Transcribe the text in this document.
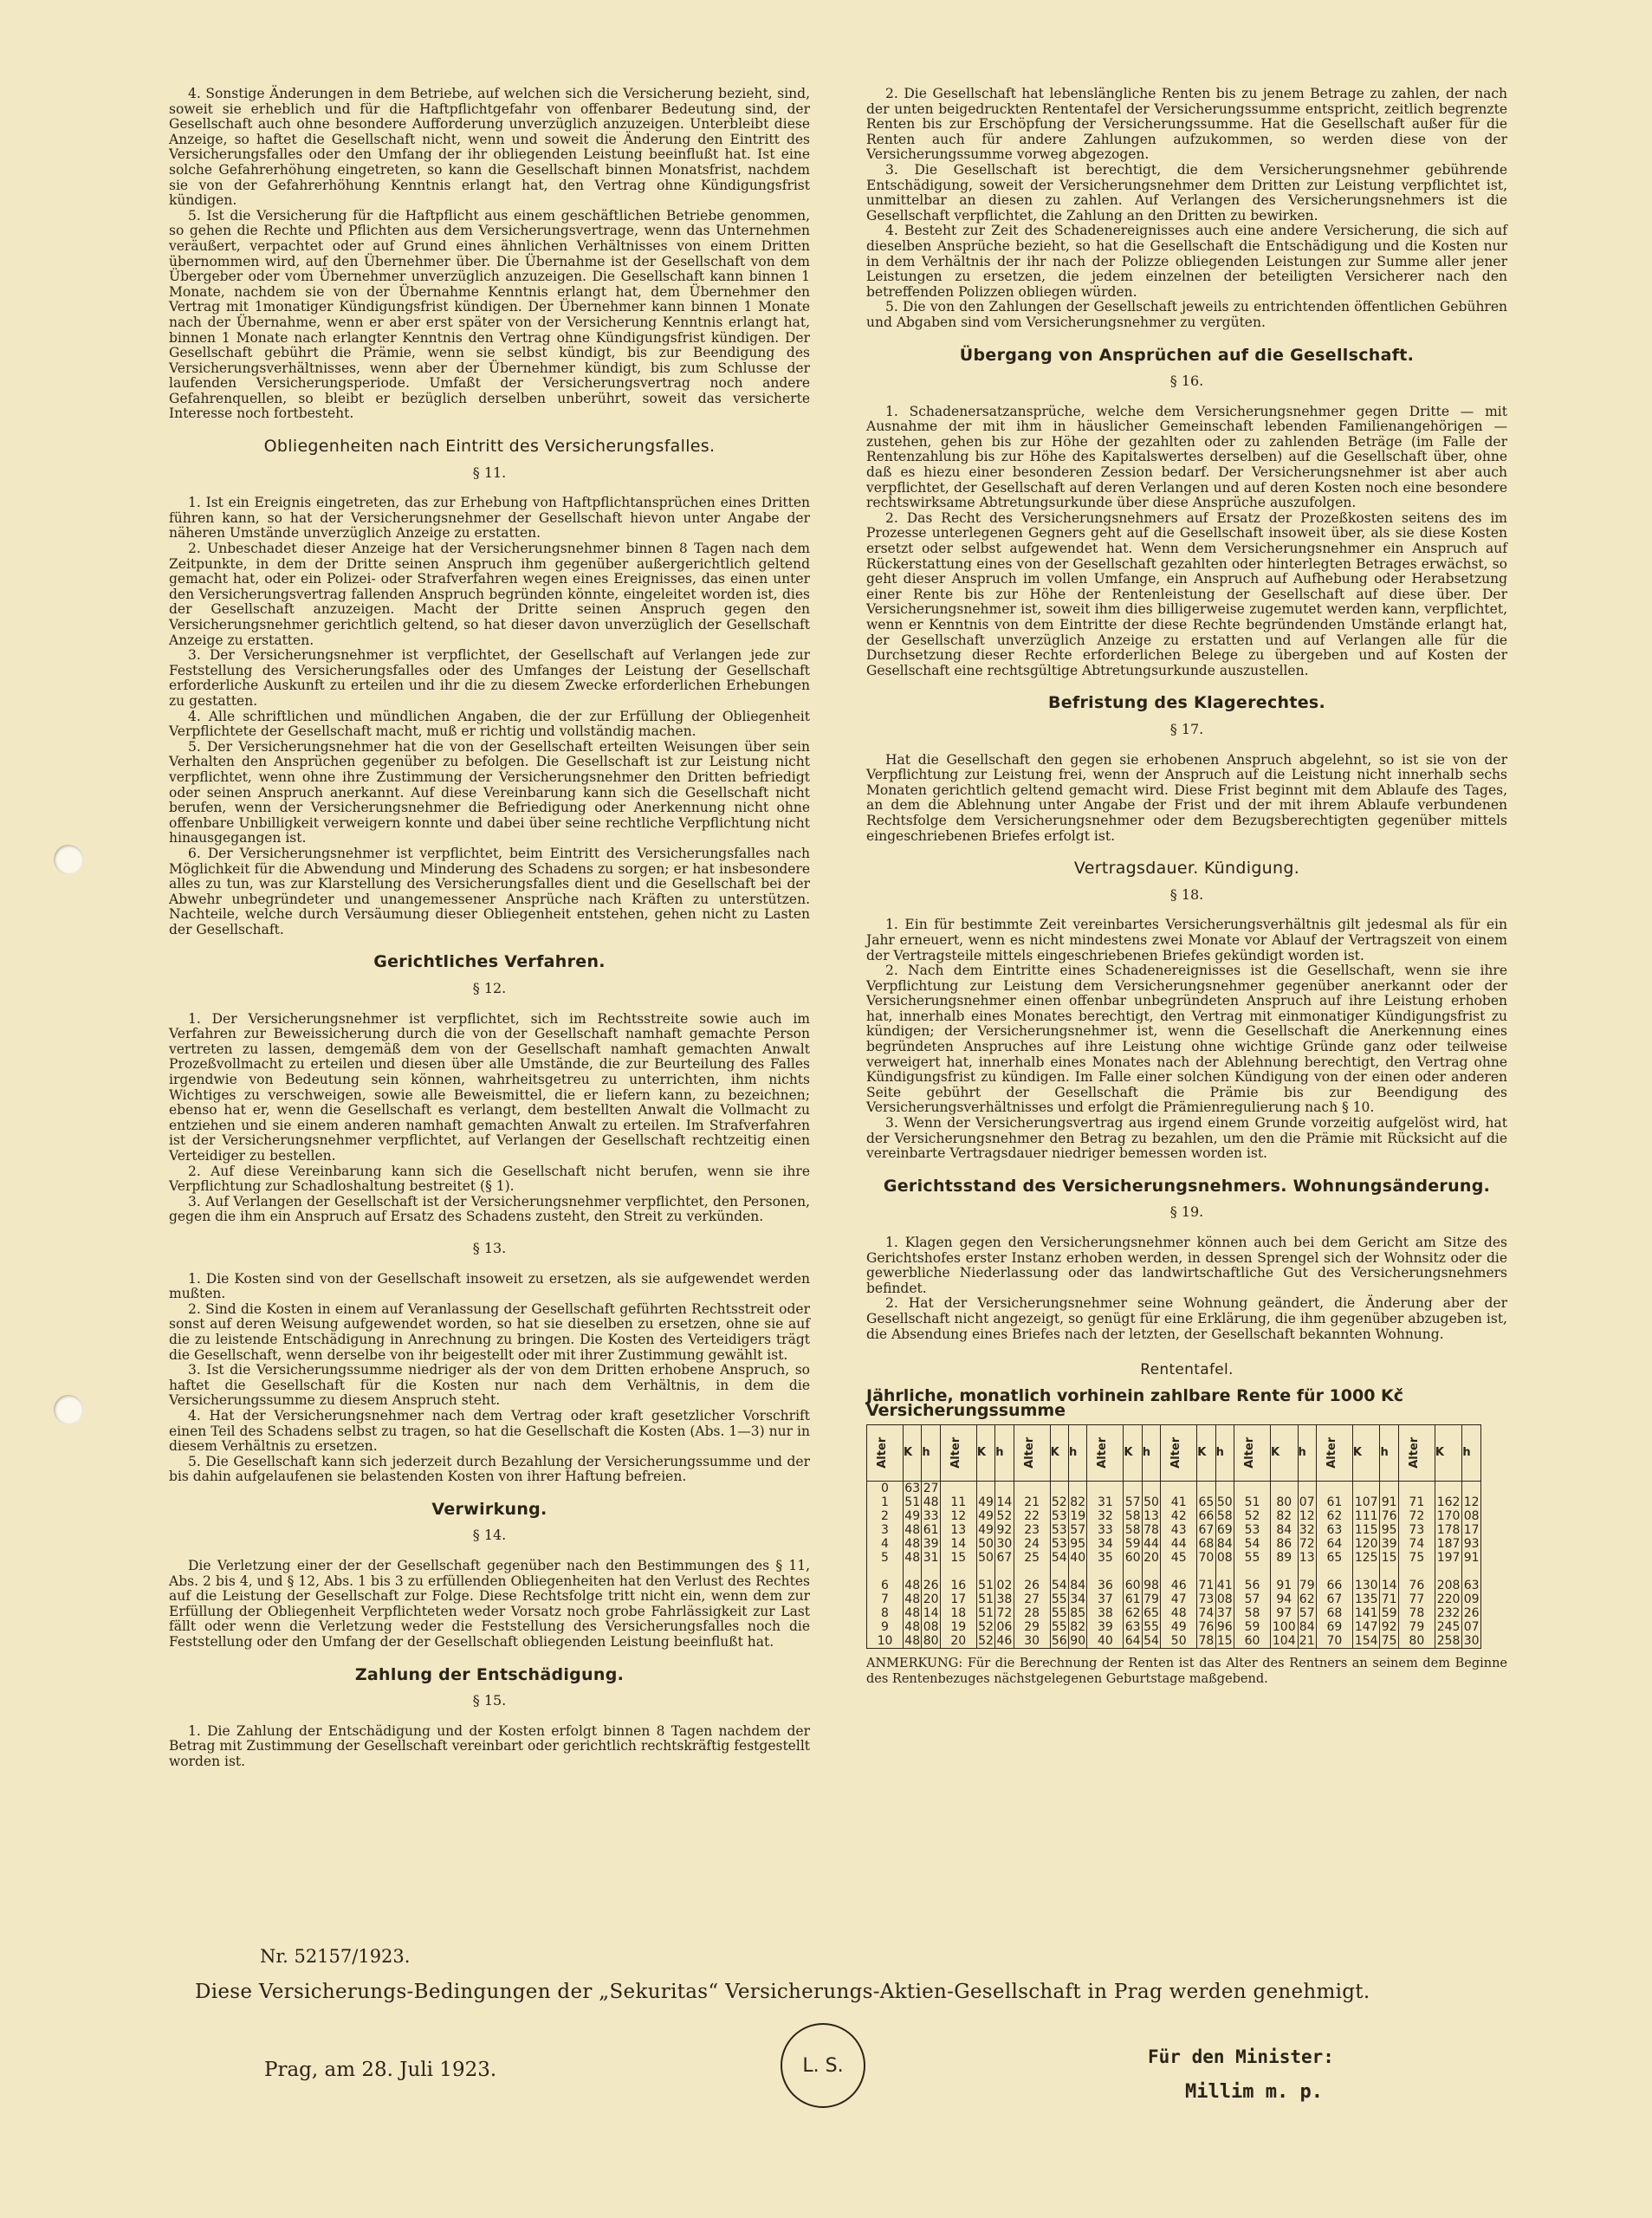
4. Sonstige Änderungen in dem Betriebe, auf welchen sich die Versicherung bezieht, sind, soweit sie erheblich und für die Haftpflichtgefahr von offenbarer Bedeutung sind, der Gesellschaft auch ohne besondere Aufforderung unverzüglich anzuzeigen. Unterbleibt diese Anzeige, so haftet die Gesellschaft nicht, wenn und soweit die Änderung den Eintritt des Versicherungsfalles oder den Umfang der ihr obliegenden Leistung beeinflußt hat. Ist eine solche Gefahrerhöhung eingetreten, so kann die Gesellschaft binnen Monatsfrist, nachdem sie von der Gefahrerhöhung Kenntnis erlangt hat, den Vertrag ohne Kündigungsfrist kündigen.

5. Ist die Versicherung für die Haftpflicht aus einem geschäftlichen Betriebe genommen, so gehen die Rechte und Pflichten aus dem Versicherungsvertrage, wenn das Unternehmen veräußert, verpachtet oder auf Grund eines ähnlichen Verhältnisses von einem Dritten übernommen wird, auf den Übernehmer über. Die Übernahme ist der Gesellschaft von dem Übergeber oder vom Übernehmer unverzüglich anzuzeigen. Die Gesellschaft kann binnen 1 Monate, nachdem sie von der Übernahme Kenntnis erlangt hat, dem Übernehmer den Vertrag mit 1monatiger Kündigungsfrist kündigen. Der Übernehmer kann binnen 1 Monate nach der Übernahme, wenn er aber erst später von der Versicherung Kenntnis erlangt hat, binnen 1 Monate nach erlangter Kenntnis den Vertrag ohne Kündigungsfrist kündigen. Der Gesellschaft gebührt die Prämie, wenn sie selbst kündigt, bis zur Beendigung des Versicherungsverhältnisses, wenn aber der Übernehmer kündigt, bis zum Schlusse der laufenden Versicherungsperiode. Umfaßt der Versicherungsvertrag noch andere Gefahrenquellen, so bleibt er bezüglich derselben unberührt, soweit das versicherte Interesse noch fortbesteht.

Obliegenheiten nach Eintritt des Versicherungsfalles.
§ 11.

1. Ist ein Ereignis eingetreten, das zur Erhebung von Haftpflichtansprüchen eines Dritten führen kann, so hat der Versicherungsnehmer der Gesellschaft hievon unter Angabe der näheren Umstände unverzüglich Anzeige zu erstatten.

2. Unbeschadet dieser Anzeige hat der Versicherungsnehmer binnen 8 Tagen nach dem Zeitpunkte, in dem der Dritte seinen Anspruch ihm gegenüber außergerichtlich geltend gemacht hat, oder ein Polizei- oder Strafverfahren wegen eines Ereignisses, das einen unter den Versicherungsvertrag fallenden Anspruch begründen könnte, eingeleitet worden ist, dies der Gesellschaft anzuzeigen. Macht der Dritte seinen Anspruch gegen den Versicherungsnehmer gerichtlich geltend, so hat dieser davon unverzüglich der Gesellschaft Anzeige zu erstatten.

3. Der Versicherungsnehmer ist verpflichtet, der Gesellschaft auf Verlangen jede zur Feststellung des Versicherungsfalles oder des Umfanges der Leistung der Gesellschaft erforderliche Auskunft zu erteilen und ihr die zu diesem Zwecke erforderlichen Erhebungen zu gestatten.

4. Alle schriftlichen und mündlichen Angaben, die der zur Erfüllung der Obliegenheit Verpflichtete der Gesellschaft macht, muß er richtig und vollständig machen.

5. Der Versicherungsnehmer hat die von der Gesellschaft erteilten Weisungen über sein Verhalten den Ansprüchen gegenüber zu befolgen. Die Gesellschaft ist zur Leistung nicht verpflichtet, wenn ohne ihre Zustimmung der Versicherungsnehmer den Dritten befriedigt oder seinen Anspruch anerkannt. Auf diese Vereinbarung kann sich die Gesellschaft nicht berufen, wenn der Versicherungsnehmer die Befriedigung oder Anerkennung nicht ohne offenbare Unbilligkeit verweigern konnte und dabei über seine rechtliche Verpflichtung nicht hinausgegangen ist.

6. Der Versicherungsnehmer ist verpflichtet, beim Eintritt des Versicherungsfalles nach Möglichkeit für die Abwendung und Minderung des Schadens zu sorgen; er hat insbesondere alles zu tun, was zur Klarstellung des Versicherungsfalles dient und die Gesellschaft bei der Abwehr unbegründeter und unangemessener Ansprüche nach Kräften zu unterstützen. Nachteile, welche durch Versäumung dieser Obliegenheit entstehen, gehen nicht zu Lasten der Gesellschaft.

Gerichtliches Verfahren.
§ 12.

1. Der Versicherungsnehmer ist verpflichtet, sich im Rechtsstreite sowie auch im Verfahren zur Beweissicherung durch die von der Gesellschaft namhaft gemachte Person vertreten zu lassen, demgemäß dem von der Gesellschaft namhaft gemachten Anwalt Prozeßvollmacht zu erteilen und diesen über alle Umstände, die zur Beurteilung des Falles irgendwie von Bedeutung sein können, wahrheitsgetreu zu unterrichten, ihm nichts Wichtiges zu verschweigen, sowie alle Beweismittel, die er liefern kann, zu bezeichnen; ebenso hat er, wenn die Gesellschaft es verlangt, dem bestellten Anwalt die Vollmacht zu entziehen und sie einem anderen namhaft gemachten Anwalt zu erteilen. Im Strafverfahren ist der Versicherungsnehmer verpflichtet, auf Verlangen der Gesellschaft rechtzeitig einen Verteidiger zu bestellen.

2. Auf diese Vereinbarung kann sich die Gesellschaft nicht berufen, wenn sie ihre Verpflichtung zur Schadloshaltung bestreitet (§ 1).

3. Auf Verlangen der Gesellschaft ist der Versicherungsnehmer verpflichtet, den Personen, gegen die ihm ein Anspruch auf Ersatz des Schadens zusteht, den Streit zu verkünden.

§ 13.

1. Die Kosten sind von der Gesellschaft insoweit zu ersetzen, als sie aufgewendet werden mußten.

2. Sind die Kosten in einem auf Veranlassung der Gesellschaft geführten Rechtsstreit oder sonst auf deren Weisung aufgewendet worden, so hat sie dieselben zu ersetzen, ohne sie auf die zu leistende Entschädigung in Anrechnung zu bringen. Die Kosten des Verteidigers trägt die Gesellschaft, wenn derselbe von ihr beigestellt oder mit ihrer Zustimmung gewählt ist.

3. Ist die Versicherungssumme niedriger als der von dem Dritten erhobene Anspruch, so haftet die Gesellschaft für die Kosten nur nach dem Verhältnis, in dem die Versicherungssumme zu diesem Anspruch steht.

4. Hat der Versicherungsnehmer nach dem Vertrag oder kraft gesetzlicher Vorschrift einen Teil des Schadens selbst zu tragen, so hat die Gesellschaft die Kosten (Abs. 1—3) nur in diesem Verhältnis zu ersetzen.

5. Die Gesellschaft kann sich jederzeit durch Bezahlung der Versicherungssumme und der bis dahin aufgelaufenen sie belastenden Kosten von ihrer Haftung befreien.

Verwirkung.
§ 14.

Die Verletzung einer der der Gesellschaft gegenüber nach den Bestimmungen des § 11, Abs. 2 bis 4, und § 12, Abs. 1 bis 3 zu erfüllenden Obliegenheiten hat den Verlust des Rechtes auf die Leistung der Gesellschaft zur Folge. Diese Rechtsfolge tritt nicht ein, wenn dem zur Erfüllung der Obliegenheit Verpflichteten weder Vorsatz noch grobe Fahrlässigkeit zur Last fällt oder wenn die Verletzung weder die Feststellung des Versicherungsfalles noch die Feststellung oder den Umfang der der Gesellschaft obliegenden Leistung beeinflußt hat.

Zahlung der Entschädigung.
§ 15.

1. Die Zahlung der Entschädigung und der Kosten erfolgt binnen 8 Tagen nachdem der Betrag mit Zustimmung der Gesellschaft vereinbart oder gerichtlich rechtskräftig festgestellt worden ist.

2. Die Gesellschaft hat lebenslängliche Renten bis zu jenem Betrage zu zahlen, der nach der unten beigedruckten Rententafel der Versicherungssumme entspricht, zeitlich begrenzte Renten bis zur Erschöpfung der Versicherungssumme. Hat die Gesellschaft außer für die Renten auch für andere Zahlungen aufzukommen, so werden diese von der Versicherungssumme vorweg abgezogen.

3. Die Gesellschaft ist berechtigt, die dem Versicherungsnehmer gebührende Entschädigung, soweit der Versicherungsnehmer dem Dritten zur Leistung verpflichtet ist, unmittelbar an diesen zu zahlen. Auf Verlangen des Versicherungsnehmers ist die Gesellschaft verpflichtet, die Zahlung an den Dritten zu bewirken.

4. Besteht zur Zeit des Schadenereignisses auch eine andere Versicherung, die sich auf dieselben Ansprüche bezieht, so hat die Gesellschaft die Entschädigung und die Kosten nur in dem Verhältnis der ihr nach der Polizze obliegenden Leistungen zur Summe aller jener Leistungen zu ersetzen, die jedem einzelnen der beteiligten Versicherer nach den betreffenden Polizzen obliegen würden.

5. Die von den Zahlungen der Gesellschaft jeweils zu entrichtenden öffentlichen Gebühren und Abgaben sind vom Versicherungsnehmer zu vergüten.

Übergang von Ansprüchen auf die Gesellschaft.
§ 16.

1. Schadenersatzansprüche, welche dem Versicherungsnehmer gegen Dritte — mit Ausnahme der mit ihm in häuslicher Gemeinschaft lebenden Familienangehörigen — zustehen, gehen bis zur Höhe der gezahlten oder zu zahlenden Beträge (im Falle der Rentenzahlung bis zur Höhe des Kapitalswertes derselben) auf die Gesellschaft über, ohne daß es hiezu einer besonderen Zession bedarf. Der Versicherungsnehmer ist aber auch verpflichtet, der Gesellschaft auf deren Verlangen und auf deren Kosten noch eine besondere rechtswirksame Abtretungsurkunde über diese Ansprüche auszufolgen.

2. Das Recht des Versicherungsnehmers auf Ersatz der Prozeßkosten seitens des im Prozesse unterlegenen Gegners geht auf die Gesellschaft insoweit über, als sie diese Kosten ersetzt oder selbst aufgewendet hat. Wenn dem Versicherungsnehmer ein Anspruch auf Rückerstattung eines von der Gesellschaft gezahlten oder hinterlegten Betrages erwächst, so geht dieser Anspruch im vollen Umfange, ein Anspruch auf Aufhebung oder Herabsetzung einer Rente bis zur Höhe der Rentenleistung der Gesellschaft auf diese über. Der Versicherungsnehmer ist, soweit ihm dies billigerweise zugemutet werden kann, verpflichtet, wenn er Kenntnis von dem Eintritte der diese Rechte begründenden Umstände erlangt hat, der Gesellschaft unverzüglich Anzeige zu erstatten und auf Verlangen alle für die Durchsetzung dieser Rechte erforderlichen Belege zu übergeben und auf Kosten der Gesellschaft eine rechtsgültige Abtretungsurkunde auszustellen.

Befristung des Klagerechtes.
§ 17.

Hat die Gesellschaft den gegen sie erhobenen Anspruch abgelehnt, so ist sie von der Verpflichtung zur Leistung frei, wenn der Anspruch auf die Leistung nicht innerhalb sechs Monaten gerichtlich geltend gemacht wird. Diese Frist beginnt mit dem Ablaufe des Tages, an dem die Ablehnung unter Angabe der Frist und der mit ihrem Ablaufe verbundenen Rechtsfolge dem Versicherungsnehmer oder dem Bezugsberechtigten gegenüber mittels eingeschriebenen Briefes erfolgt ist.

Vertragsdauer. Kündigung.
§ 18.

1. Ein für bestimmte Zeit vereinbartes Versicherungsverhältnis gilt jedesmal als für ein Jahr erneuert, wenn es nicht mindestens zwei Monate vor Ablauf der Vertragszeit von einem der Vertragsteile mittels eingeschriebenen Briefes gekündigt worden ist.

2. Nach dem Eintritte eines Schadenereignisses ist die Gesellschaft, wenn sie ihre Verpflichtung zur Leistung dem Versicherungsnehmer gegenüber anerkannt oder der Versicherungsnehmer einen offenbar unbegründeten Anspruch auf ihre Leistung erhoben hat, innerhalb eines Monates berechtigt, den Vertrag mit einmonatiger Kündigungsfrist zu kündigen; der Versicherungsnehmer ist, wenn die Gesellschaft die Anerkennung eines begründeten Anspruches auf ihre Leistung ohne wichtige Gründe ganz oder teilweise verweigert hat, innerhalb eines Monates nach der Ablehnung berechtigt, den Vertrag ohne Kündigungsfrist zu kündigen. Im Falle einer solchen Kündigung von der einen oder anderen Seite gebührt der Gesellschaft die Prämie bis zur Beendigung des Versicherungsverhältnisses und erfolgt die Prämienregulierung nach § 10.

3. Wenn der Versicherungsvertrag aus irgend einem Grunde vorzeitig aufgelöst wird, hat der Versicherungsnehmer den Betrag zu bezahlen, um den die Prämie mit Rücksicht auf die vereinbarte Vertragsdauer niedriger bemessen worden ist.

Gerichtsstand des Versicherungsnehmers. Wohnungsänderung.
§ 19.

1. Klagen gegen den Versicherungsnehmer können auch bei dem Gericht am Sitze des Gerichtshofes erster Instanz erhoben werden, in dessen Sprengel sich der Wohnsitz oder die gewerbliche Niederlassung oder das landwirtschaftliche Gut des Versicherungsnehmers befindet.

2. Hat der Versicherungsnehmer seine Wohnung geändert, die Änderung aber der Gesellschaft nicht angezeigt, so genügt für eine Erklärung, die ihm gegenüber abzugeben ist, die Absendung eines Briefes nach der letzten, der Gesellschaft bekannten Wohnung.

Rententafel.
Jährliche, monatlich vorhinein zahlbare Rente für 1000 Kč Versicherungssumme
Alter	K	h	Alter	K	h	Alter	K	h	Alter	K	h	Alter	K	h	Alter	K	h	Alter	K	h	Alter	K	h
0	63	27																					
1	51	48	11	49	14	21	52	82	31	57	50	41	65	50	51	80	07	61	107	91	71	162	12
2	49	33	12	49	52	22	53	19	32	58	13	42	66	58	52	82	12	62	111	76	72	170	08
3	48	61	13	49	92	23	53	57	33	58	78	43	67	69	53	84	32	63	115	95	73	178	17
4	48	39	14	50	30	24	53	95	34	59	44	44	68	84	54	86	72	64	120	39	74	187	93
5	48	31	15	50	67	25	54	40	35	60	20	45	70	08	55	89	13	65	125	15	75	197	91

6	48	26	16	51	02	26	54	84	36	60	98	46	71	41	56	91	79	66	130	14	76	208	63
7	48	20	17	51	38	27	55	34	37	61	79	47	73	08	57	94	62	67	135	71	77	220	09
8	48	14	18	51	72	28	55	85	38	62	65	48	74	37	58	97	57	68	141	59	78	232	26
9	48	08	19	52	06	29	55	82	39	63	55	49	76	96	59	100	84	69	147	92	79	245	07
10	48	80	20	52	46	30	56	90	40	64	54	50	78	15	60	104	21	70	154	75	80	258	30
ANMERKUNG: Für die Berechnung der Renten ist das Alter des Rentners an seinem dem Beginne des Rentenbezuges nächstgelegenen Geburtstage maßgebend.
Nr. 52157/1923.
Diese Versicherungs-Bedingungen der „Sekuritas“ Versicherungs-Aktien-Gesellschaft in Prag werden genehmigt.
Prag, am 28. Juli 1923.	L. S.	Für den Minister:
Millim m. p.
